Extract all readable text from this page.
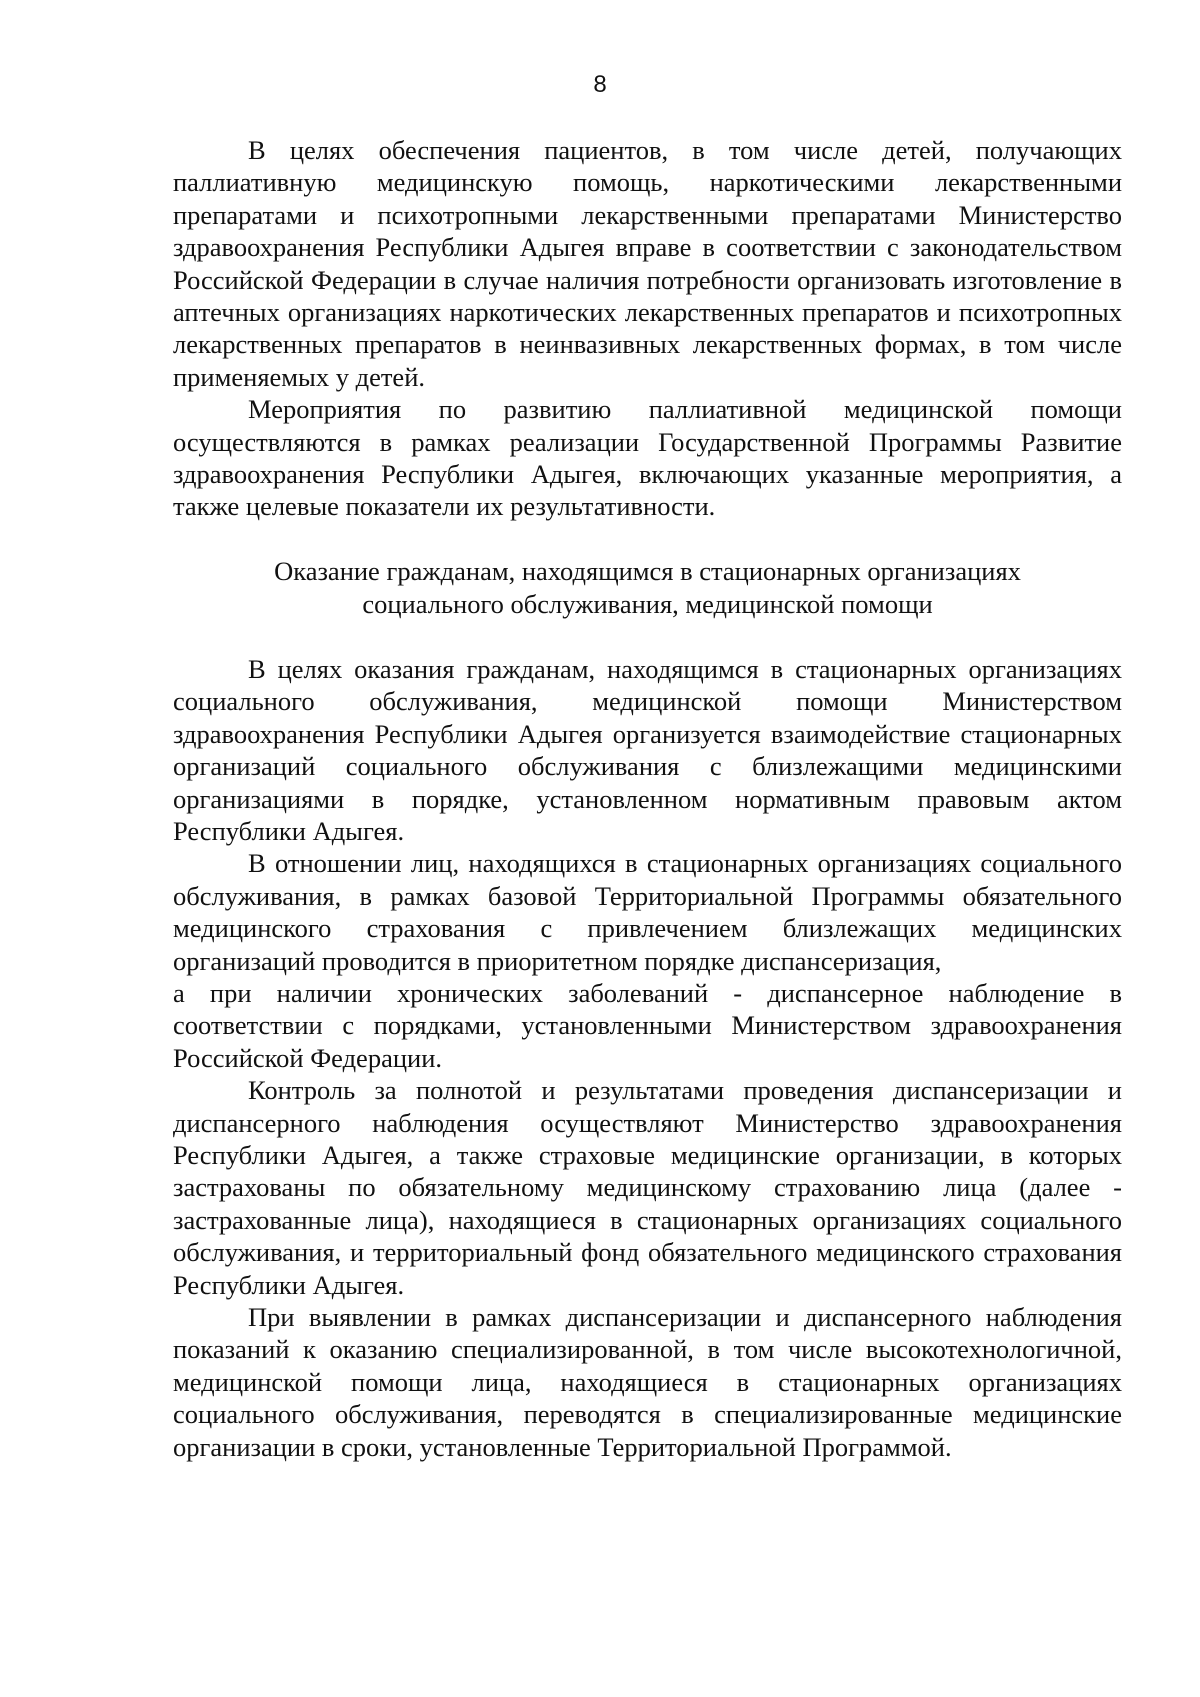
8

В целях обеспечения пациентов, в том числе детей, получающих паллиативную медицинскую помощь, наркотическими лекарственными препаратами и психотропными лекарственными препаратами Министерство здравоохранения Республики Адыгея вправе в соответствии с законодательством Российской Федерации в случае наличия потребности организовать изготовление в аптечных организациях наркотических лекарственных препаратов и психотропных лекарственных препаратов в неинвазивных лекарственных формах, в том числе применяемых у детей.

Мероприятия по развитию паллиативной медицинской помощи осуществляются в рамках реализации Государственной Программы Развитие здравоохранения Республики Адыгея, включающих указанные мероприятия, а также целевые показатели их результативности.

Оказание гражданам, находящимся в стационарных организациях
социального обслуживания, медицинской помощи

В целях оказания гражданам, находящимся в стационарных организациях социального обслуживания, медицинской помощи Министерством здравоохранения Республики Адыгея организуется взаимодействие стационарных организаций социального обслуживания с близлежащими медицинскими организациями в порядке, установленном нормативным правовым актом Республики Адыгея.

В отношении лиц, находящихся в стационарных организациях социального обслуживания, в рамках базовой Территориальной Программы обязательного медицинского страхования с привлечением близлежащих медицинских организаций проводится в приоритетном порядке диспансеризация,

а при наличии хронических заболеваний - диспансерное наблюдение в соответствии с порядками, установленными Министерством здравоохранения Российской Федерации.

Контроль за полнотой и результатами проведения диспансеризации и диспансерного наблюдения осуществляют Министерство здравоохранения Республики Адыгея, а также страховые медицинские организации, в которых застрахованы по обязательному медицинскому страхованию лица (далее - застрахованные лица), находящиеся в стационарных организациях социального обслуживания, и территориальный фонд обязательного медицинского страхования Республики Адыгея.

При выявлении в рамках диспансеризации и диспансерного наблюдения показаний к оказанию специализированной, в том числе высокотехнологичной, медицинской помощи лица, находящиеся в стационарных организациях социального обслуживания, переводятся в специализированные медицинские организации в сроки, установленные Территориальной Программой.
